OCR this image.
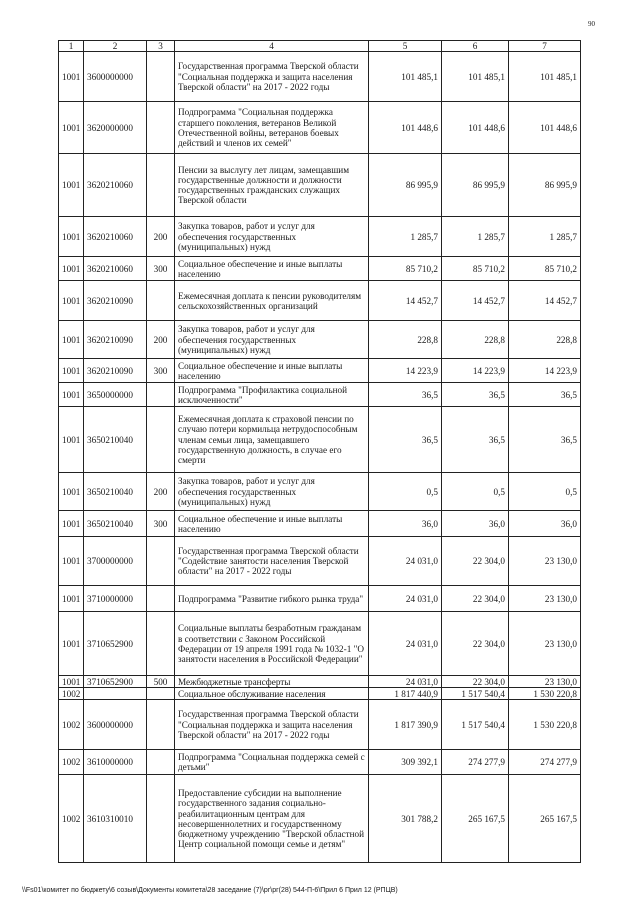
90
1	2	3	4	5	6	7
1001	3600000000		Государственная программа Тверской области "Социальная поддержка и защита населения Тверской области" на 2017 - 2022 годы	101 485,1	101 485,1	101 485,1
1001	3620000000		Подпрограмма "Социальная поддержка старшего поколения, ветеранов Великой Отечественной войны, ветеранов боевых действий и членов их семей"	101 448,6	101 448,6	101 448,6
1001	3620210060		Пенсии за выслугу лет лицам, замещавшим государственные должности и должности государственных гражданских служащих Тверской области	86 995,9	86 995,9	86 995,9
1001	3620210060	200	Закупка товаров, работ и услуг для обеспечения государственных (муниципальных) нужд	1 285,7	1 285,7	1 285,7
1001	3620210060	300	Социальное обеспечение и иные выплаты населению	85 710,2	85 710,2	85 710,2
1001	3620210090		Ежемесячная доплата к пенсии руководителям сельскохозяйственных организаций	14 452,7	14 452,7	14 452,7
1001	3620210090	200	Закупка товаров, работ и услуг для обеспечения государственных (муниципальных) нужд	228,8	228,8	228,8
1001	3620210090	300	Социальное обеспечение и иные выплаты населению	14 223,9	14 223,9	14 223,9
1001	3650000000		Подпрограмма "Профилактика социальной исключенности"	36,5	36,5	36,5
1001	3650210040		Ежемесячная доплата к страховой пенсии по случаю потери кормильца нетрудоспособным членам семьи лица, замещавшего государственную должность, в случае его смерти	36,5	36,5	36,5
1001	3650210040	200	Закупка товаров, работ и услуг для обеспечения государственных (муниципальных) нужд	0,5	0,5	0,5
1001	3650210040	300	Социальное обеспечение и иные выплаты населению	36,0	36,0	36,0
1001	3700000000		Государственная программа Тверской области "Содействие занятости населения Тверской области" на 2017 - 2022 годы	24 031,0	22 304,0	23 130,0
1001	3710000000		Подпрограмма "Развитие гибкого рынка труда"	24 031,0	22 304,0	23 130,0
1001	3710652900		Социальные выплаты безработным гражданам в соответствии с Законом Российской Федерации от 19 апреля 1991 года № 1032-1 "О занятости населения в Российской Федерации"	24 031,0	22 304,0	23 130,0
1001	3710652900	500	Межбюджетные трансферты	24 031,0	22 304,0	23 130,0
1002			Социальное обслуживание населения	1 817 440,9	1 517 540,4	1 530 220,8
1002	3600000000		Государственная программа Тверской области "Социальная поддержка и защита населения Тверской области" на 2017 - 2022 годы	1 817 390,9	1 517 540,4	1 530 220,8
1002	3610000000		Подпрограмма "Социальная поддержка семей с детьми"	309 392,1	274 277,9	274 277,9
1002	3610310010		Предоставление субсидии на выполнение государственного задания социально-реабилитационным центрам для несовершеннолетних и государственному бюджетному учреждению "Тверской областной Центр социальной помощи семье и детям"	301 788,2	265 167,5	265 167,5
\\Fs01\комитет по бюджету\6 созыв\Документы комитета\28 заседание (7)\рг\рг(28) 544-П-6\Прил 6 Прил 12 (РПЦВ)
